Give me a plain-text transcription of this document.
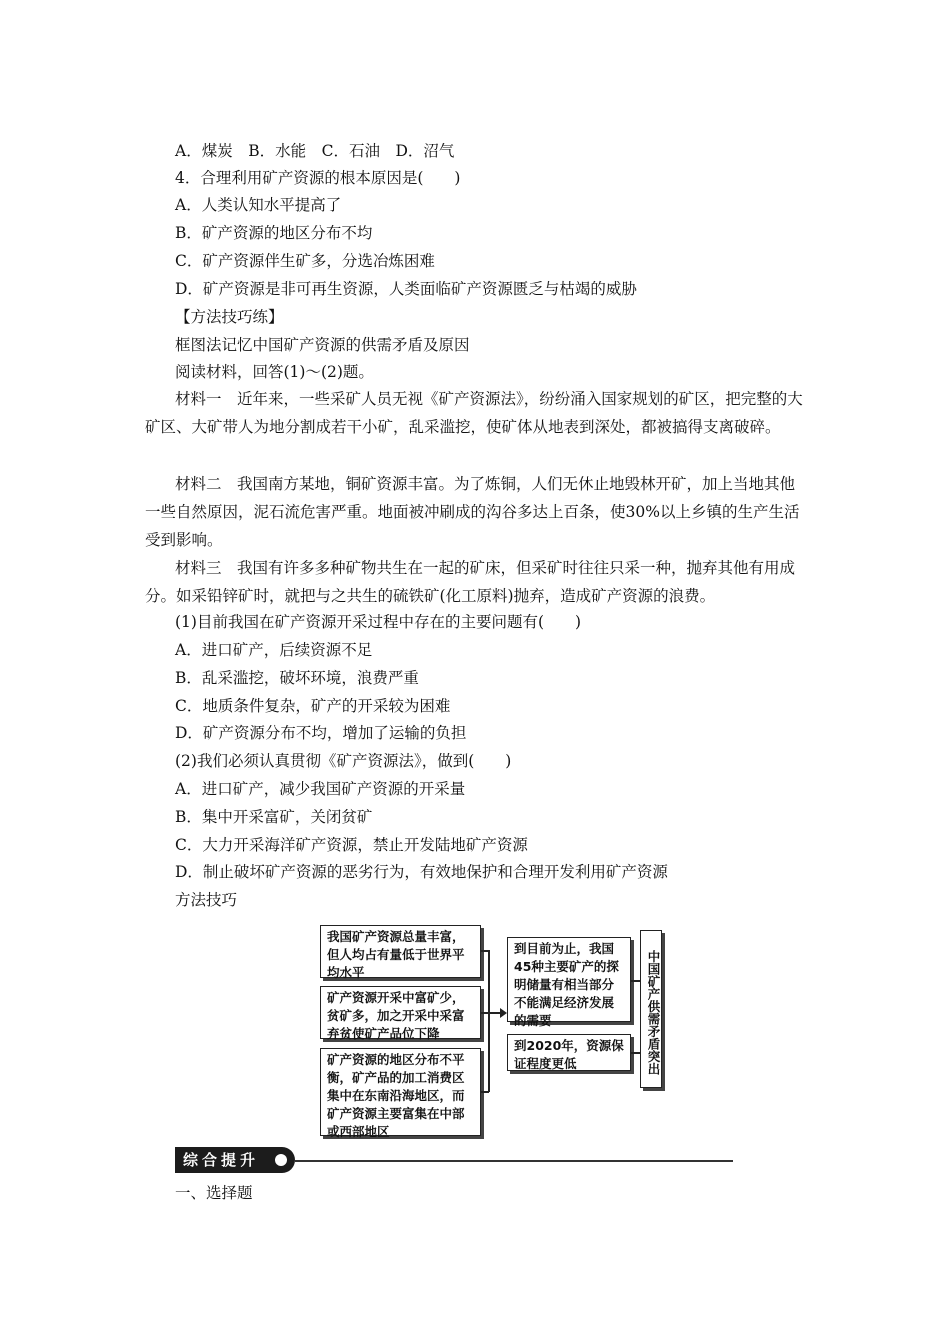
A．煤炭　B．水能　C．石油　D．沼气
4．合理利用矿产资源的根本原因是(　　)
A．人类认知水平提高了
B．矿产资源的地区分布不均
C．矿产资源伴生矿多，分选冶炼困难
D．矿产资源是非可再生资源，人类面临矿产资源匮乏与枯竭的威胁
【方法技巧练】
框图法记忆中国矿产资源的供需矛盾及原因
阅读材料，回答(1)～(2)题。
材料一　近年来，一些采矿人员无视《矿产资源法》，纷纷涌入国家规划的矿区，把完整的大矿区、大矿带人为地分割成若干小矿，乱采滥挖，使矿体从地表到深处，都被搞得支离破碎。
材料二　我国南方某地，铜矿资源丰富。为了炼铜，人们无休止地毁林开矿，加上当地其他一些自然原因，泥石流危害严重。地面被冲刷成的沟谷多达上百条，使30%以上乡镇的生产生活受到影响。
材料三　我国有许多多种矿物共生在一起的矿床，但采矿时往往只采一种，抛弃其他有用成分。如采铅锌矿时，就把与之共生的硫铁矿(化工原料)抛弃，造成矿产资源的浪费。
(1)目前我国在矿产资源开采过程中存在的主要问题有(　　)
A．进口矿产，后续资源不足
B．乱采滥挖，破坏环境，浪费严重
C．地质条件复杂，矿产的开采较为困难
D．矿产资源分布不均，增加了运输的负担
(2)我们必须认真贯彻《矿产资源法》，做到(　　)
A．进口矿产，减少我国矿产资源的开采量
B．集中开采富矿，关闭贫矿
C．大力开采海洋矿产资源，禁止开发陆地矿产资源
D．制止破坏矿产资源的恶劣行为，有效地保护和合理开发利用矿产资源
方法技巧
我国矿产资源总量丰富，但人均占有量低于世界平均水平
矿产资源开采中富矿少，贫矿多，加之开采中采富弃贫使矿产品位下降
矿产资源的地区分布不平衡，矿产品的加工消费区集中在东南沿海地区，而矿产资源主要富集在中部或西部地区
到目前为止，我国45种主要矿产的探明储量有相当部分不能满足经济发展的需要
到2020年，资源保证程度更低	中国矿产供需矛盾突出
综合提升
一、选择题
